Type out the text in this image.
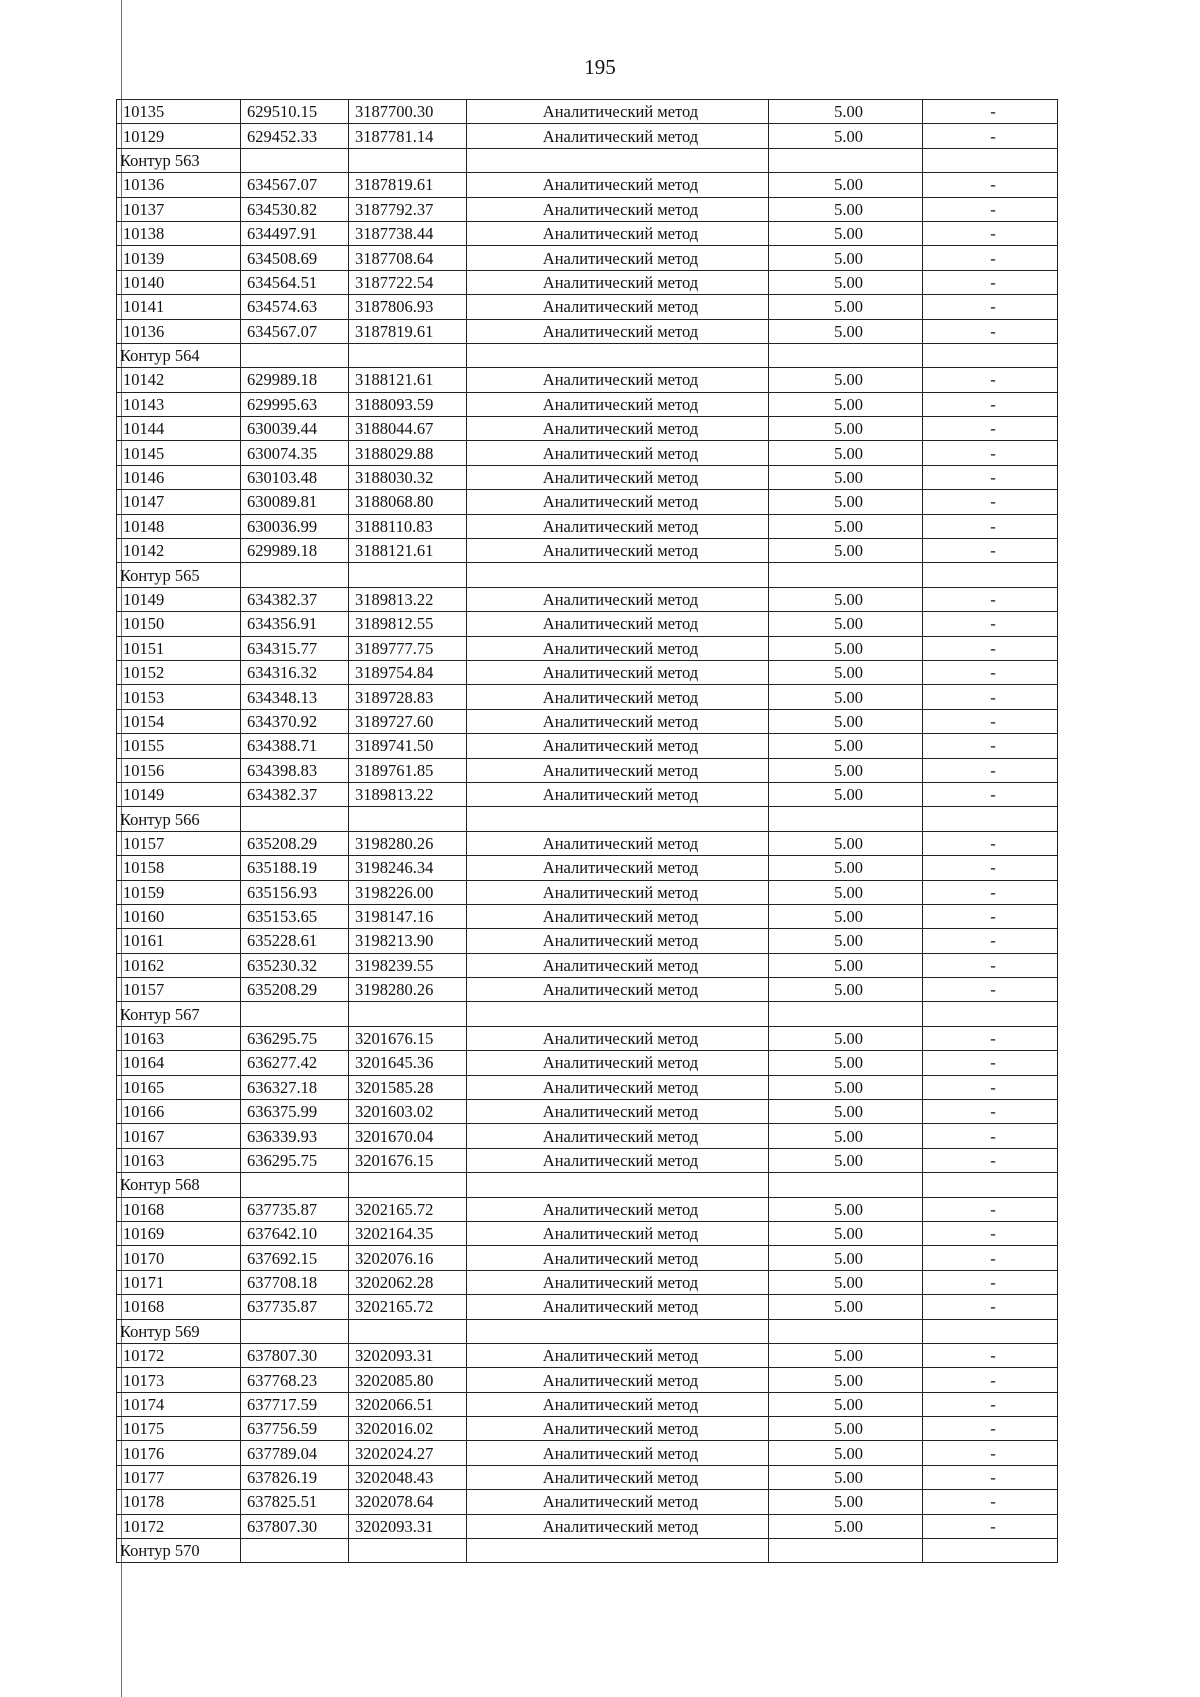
195
10135	629510.15	3187700.30	Аналитический метод	5.00	-
10129	629452.33	3187781.14	Аналитический метод	5.00	-
Контур 563					
10136	634567.07	3187819.61	Аналитический метод	5.00	-
10137	634530.82	3187792.37	Аналитический метод	5.00	-
10138	634497.91	3187738.44	Аналитический метод	5.00	-
10139	634508.69	3187708.64	Аналитический метод	5.00	-
10140	634564.51	3187722.54	Аналитический метод	5.00	-
10141	634574.63	3187806.93	Аналитический метод	5.00	-
10136	634567.07	3187819.61	Аналитический метод	5.00	-
Контур 564					
10142	629989.18	3188121.61	Аналитический метод	5.00	-
10143	629995.63	3188093.59	Аналитический метод	5.00	-
10144	630039.44	3188044.67	Аналитический метод	5.00	-
10145	630074.35	3188029.88	Аналитический метод	5.00	-
10146	630103.48	3188030.32	Аналитический метод	5.00	-
10147	630089.81	3188068.80	Аналитический метод	5.00	-
10148	630036.99	3188110.83	Аналитический метод	5.00	-
10142	629989.18	3188121.61	Аналитический метод	5.00	-
Контур 565					
10149	634382.37	3189813.22	Аналитический метод	5.00	-
10150	634356.91	3189812.55	Аналитический метод	5.00	-
10151	634315.77	3189777.75	Аналитический метод	5.00	-
10152	634316.32	3189754.84	Аналитический метод	5.00	-
10153	634348.13	3189728.83	Аналитический метод	5.00	-
10154	634370.92	3189727.60	Аналитический метод	5.00	-
10155	634388.71	3189741.50	Аналитический метод	5.00	-
10156	634398.83	3189761.85	Аналитический метод	5.00	-
10149	634382.37	3189813.22	Аналитический метод	5.00	-
Контур 566					
10157	635208.29	3198280.26	Аналитический метод	5.00	-
10158	635188.19	3198246.34	Аналитический метод	5.00	-
10159	635156.93	3198226.00	Аналитический метод	5.00	-
10160	635153.65	3198147.16	Аналитический метод	5.00	-
10161	635228.61	3198213.90	Аналитический метод	5.00	-
10162	635230.32	3198239.55	Аналитический метод	5.00	-
10157	635208.29	3198280.26	Аналитический метод	5.00	-
Контур 567					
10163	636295.75	3201676.15	Аналитический метод	5.00	-
10164	636277.42	3201645.36	Аналитический метод	5.00	-
10165	636327.18	3201585.28	Аналитический метод	5.00	-
10166	636375.99	3201603.02	Аналитический метод	5.00	-
10167	636339.93	3201670.04	Аналитический метод	5.00	-
10163	636295.75	3201676.15	Аналитический метод	5.00	-
Контур 568					
10168	637735.87	3202165.72	Аналитический метод	5.00	-
10169	637642.10	3202164.35	Аналитический метод	5.00	-
10170	637692.15	3202076.16	Аналитический метод	5.00	-
10171	637708.18	3202062.28	Аналитический метод	5.00	-
10168	637735.87	3202165.72	Аналитический метод	5.00	-
Контур 569					
10172	637807.30	3202093.31	Аналитический метод	5.00	-
10173	637768.23	3202085.80	Аналитический метод	5.00	-
10174	637717.59	3202066.51	Аналитический метод	5.00	-
10175	637756.59	3202016.02	Аналитический метод	5.00	-
10176	637789.04	3202024.27	Аналитический метод	5.00	-
10177	637826.19	3202048.43	Аналитический метод	5.00	-
10178	637825.51	3202078.64	Аналитический метод	5.00	-
10172	637807.30	3202093.31	Аналитический метод	5.00	-
Контур 570					
